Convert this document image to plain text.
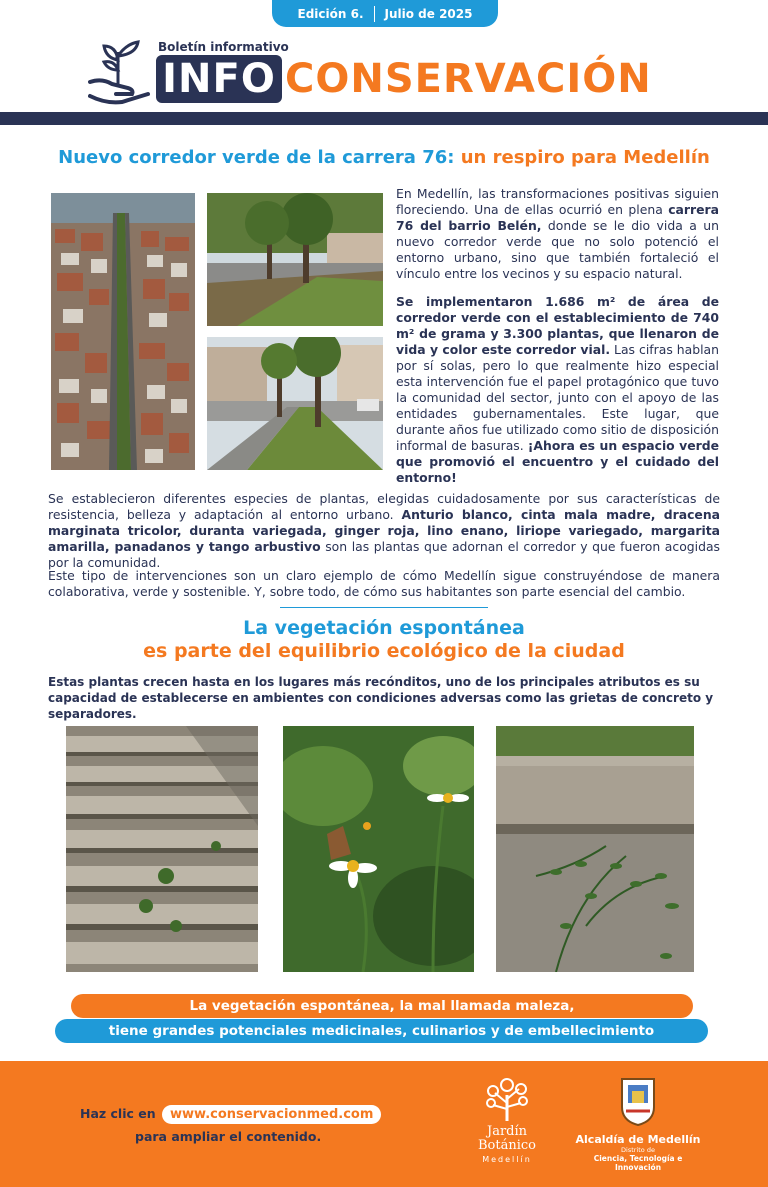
Edición 6. Julio de 2025
Boletín informativo
INFO CONSERVACIÓN
Nuevo corredor verde de la carrera 76: un respiro para Medellín

En Medellín, las transformaciones positivas siguien floreciendo. Una de ellas ocurrió en plena carrera 76 del barrio Belén, donde se le dio vida a un nuevo corredor verde que no solo potenció el entorno urbano, sino que también fortaleció el vínculo entre los vecinos y su espacio natural.

Se implementaron 1.686 m² de área de corredor verde con el establecimiento de 740 m² de grama y 3.300 plantas, que llenaron de vida y color este corredor vial. Las cifras hablan por sí solas, pero lo que realmente hizo especial esta intervención fue el papel protagónico que tuvo la comunidad del sector, junto con el apoyo de las entidades gubernamentales. Este lugar, que durante años fue utilizado como sitio de disposición informal de basuras. ¡Ahora es un espacio verde que promovió el encuentro y el cuidado del entorno!

Se establecieron diferentes especies de plantas, elegidas cuidadosamente por sus características de resistencia, belleza y adaptación al entorno urbano. Anturio blanco, cinta mala madre, dracena marginata tricolor, duranta variegada, ginger roja, lino enano, liriope variegado, margarita amarilla, panadanos y tango arbustivo son las plantas que adornan el corredor y que fueron acogidas por la comunidad.

Este tipo de intervenciones son un claro ejemplo de cómo Medellín sigue construyéndose de manera colaborativa, verde y sostenible. Y, sobre todo, de cómo sus habitantes son parte esencial del cambio.

La vegetación espontánea
es parte del equilibrio ecológico de la ciudad

Estas plantas crecen hasta en los lugares más recónditos, uno de los principales atributos es su capacidad de establecerse en ambientes con condiciones adversas como las grietas de concreto y separadores.

La vegetación espontánea, la mal llamada maleza,
tiene grandes potenciales medicinales, culinarios y de embellecimiento
Haz clic en www.conservacionmed.com
para ampliar el contenido.	Jardín
Botánico
Medellín
Alcaldía de Medellín
Distrito de
Ciencia, Tecnología e Innovación
